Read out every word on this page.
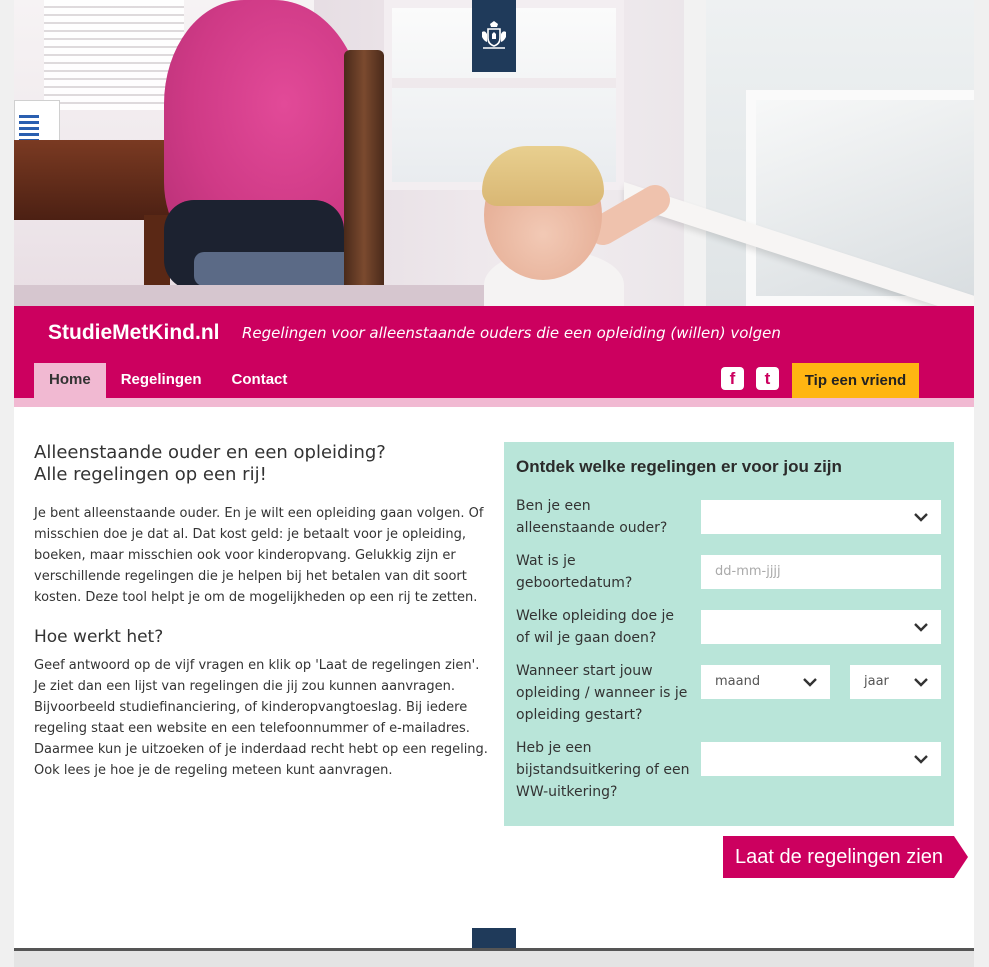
StudieMetKind.nl Regelingen voor alleenstaande ouders die een opleiding (willen) volgen
Home	Regelingen	Contact	f	t	Tip een vriend
Alleenstaande ouder en een opleiding?
Alle regelingen op een rij!

Je bent alleenstaande ouder. En je wilt een opleiding gaan volgen. Of misschien doe je dat al. Dat kost geld: je betaalt voor je opleiding, boeken, maar misschien ook voor kinderopvang. Gelukkig zijn er verschillende regelingen die je helpen bij het betalen van dit soort kosten. Deze tool helpt je om de mogelijkheden op een rij te zetten.

Hoe werkt het?

Geef antwoord op de vijf vragen en klik op 'Laat de regelingen zien'. Je ziet dan een lijst van regelingen die jij zou kunnen aanvragen. Bijvoorbeeld studiefinanciering, of kinderopvangtoeslag. Bij iedere regeling staat een website en een telefoonnummer of e-mailadres. Daarmee kun je uitzoeken of je inderdaad recht hebt op een regeling. Ook lees je hoe je de regeling meteen kunt aanvragen.

Ontdek welke regelingen er voor jou zijn
Ben je een alleenstaande ouder?
Wat is je geboortedatum?
dd-mm-jjjj
Welke opleiding doe je of wil je gaan doen?
Wanneer start jouw opleiding / wanneer is je opleiding gestart?
maand	jaar
Heb je een bijstandsuitkering of een WW-uitkering?
Laat de regelingen zien
